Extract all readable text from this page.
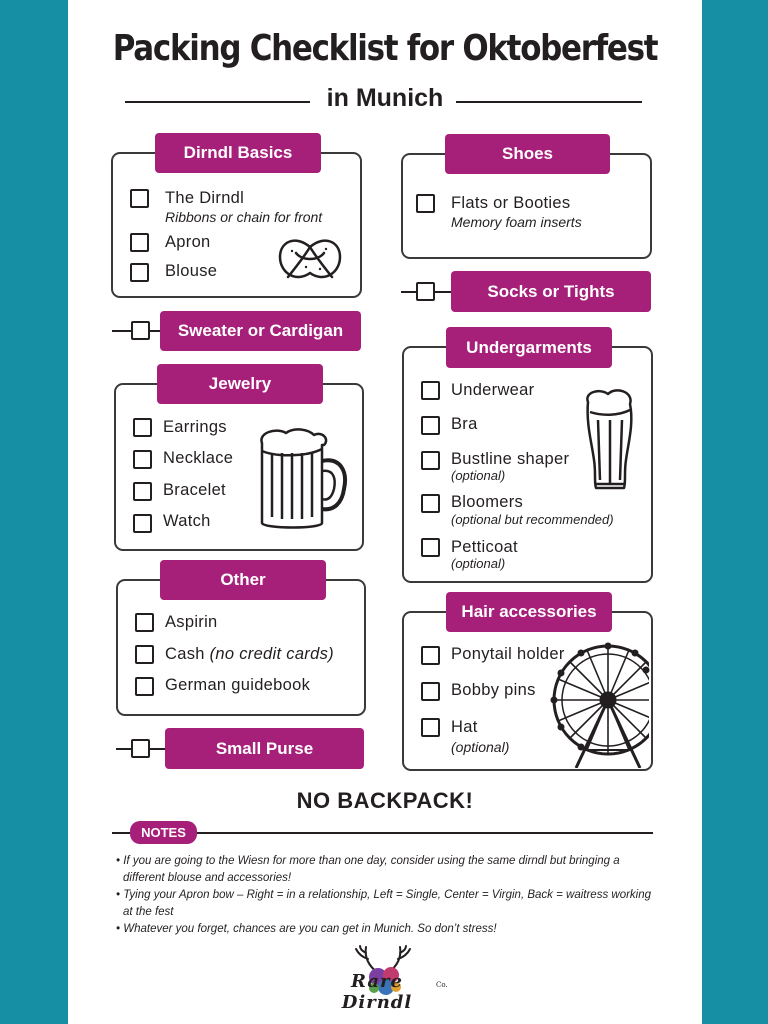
Packing Checklist for Oktoberfest
in Munich
Dirndl Basics
The Dirndl
Ribbons or chain for front
Apron
Blouse
Sweater or Cardigan
Jewelry
Earrings
Necklace
Bracelet
Watch
Other
Aspirin
Cash (no credit cards)
German guidebook
Small Purse
Shoes
Flats or Booties
Memory foam inserts
Socks or Tights
Undergarments
Underwear
Bra
Bustline shaper
(optional)
Bloomers
(optional but recommended)
Petticoat
(optional)
Hair accessories
Ponytail holder
Bobby pins
Hat
(optional)
NO BACKPACK!
NOTES
• If you are going to the Wiesn for more than one day, consider using the same dirndl but bringing a different blouse and accessories!
• Tying your Apron bow – Right = in a relationship, Left = Single, Center = Virgin, Back = waitress working at the fest
• Whatever you forget, chances are you can get in Munich. So don’t stress!
Rare Dirndl
Co.
